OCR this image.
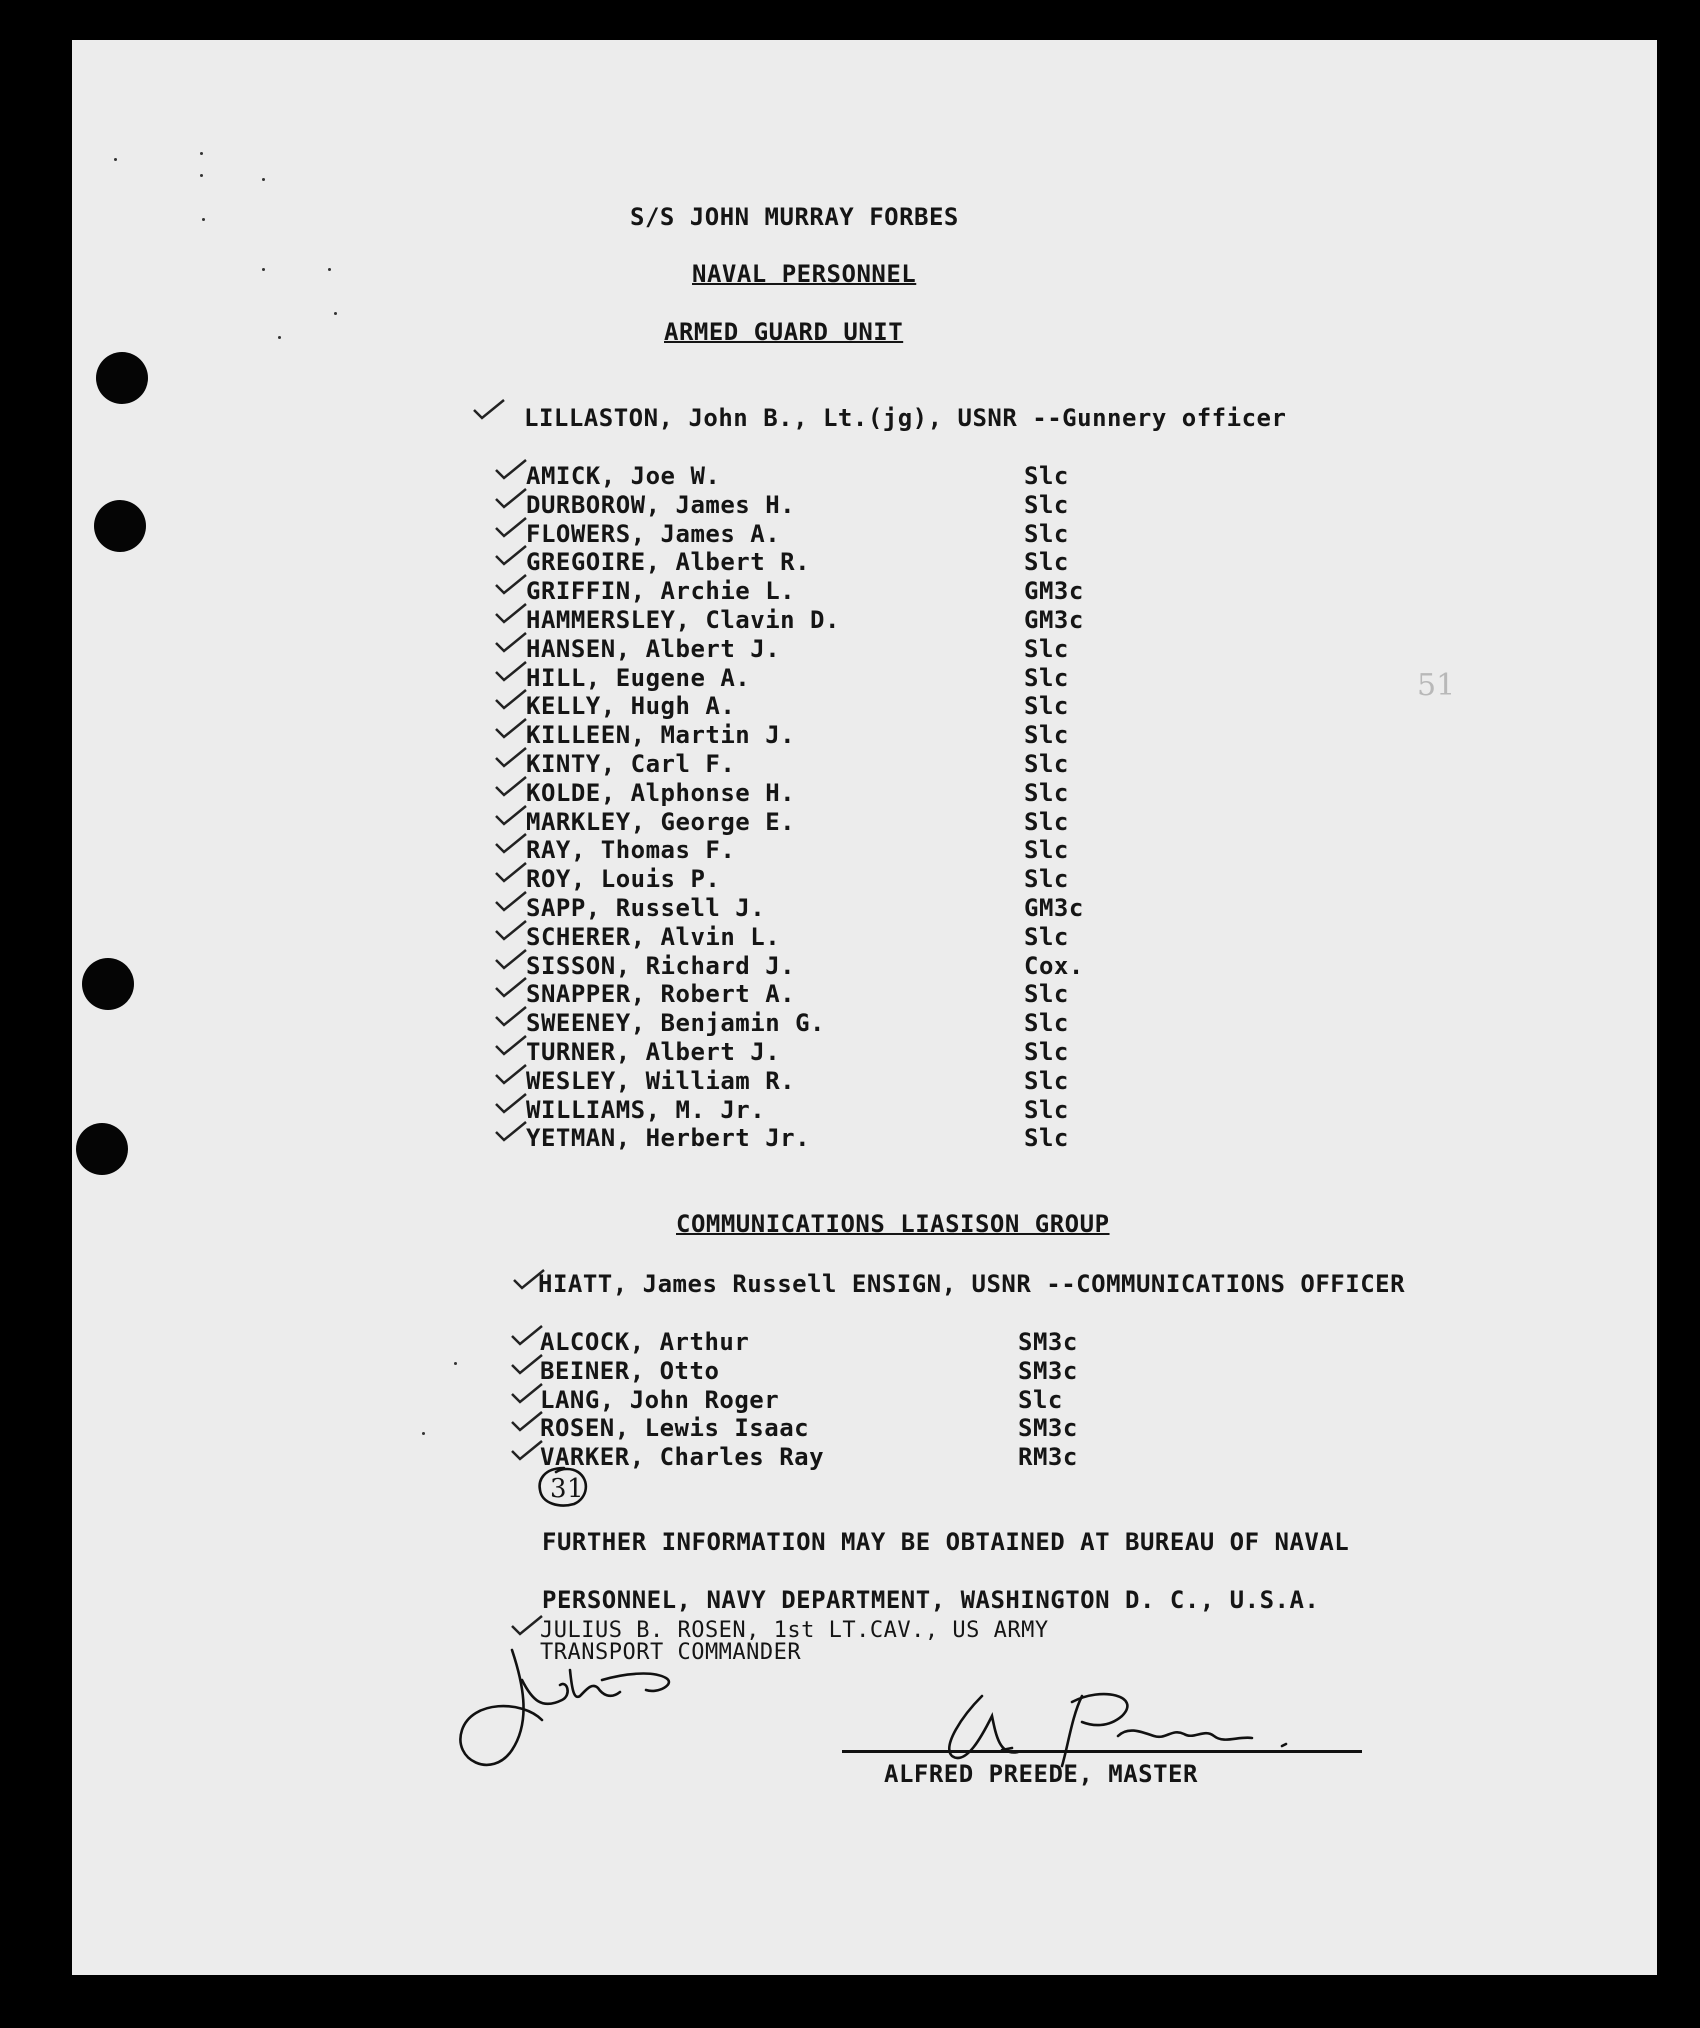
51
S/S JOHN MURRAY FORBES
NAVAL PERSONNEL
ARMED GUARD UNIT
LILLASTON, John B., Lt.(jg), USNR --Gunnery officer
AMICK, Joe W.	Slc
DURBOROW, James H.	Slc
FLOWERS, James A.	Slc
GREGOIRE, Albert R.	Slc
GRIFFIN, Archie L.	GM3c
HAMMERSLEY, Clavin D.	GM3c
HANSEN, Albert J.	Slc
HILL, Eugene A.	Slc
KELLY, Hugh A.	Slc
KILLEEN, Martin J.	Slc
KINTY, Carl F.	Slc
KOLDE, Alphonse H.	Slc
MARKLEY, George E.	Slc
RAY, Thomas F.	Slc
ROY, Louis P.	Slc
SAPP, Russell J.	GM3c
SCHERER, Alvin L.	Slc
SISSON, Richard J.	Cox.
SNAPPER, Robert A.	Slc
SWEENEY, Benjamin G.	Slc
TURNER, Albert J.	Slc
WESLEY, William R.	Slc
WILLIAMS, M. Jr.	Slc
YETMAN, Herbert Jr.	Slc
COMMUNICATIONS LIASISON GROUP
HIATT, James Russell ENSIGN, USNR --COMMUNICATIONS OFFICER
ALCOCK, Arthur	SM3c
BEINER, Otto	SM3c
LANG, John Roger	Slc
ROSEN, Lewis Isaac	SM3c
VARKER, Charles Ray	RM3c
31
FURTHER INFORMATION MAY BE OBTAINED AT BUREAU OF NAVAL
PERSONNEL, NAVY DEPARTMENT, WASHINGTON D. C., U.S.A.
JULIUS B. ROSEN, 1st LT.CAV., US ARMY
TRANSPORT COMMANDER
ALFRED PREEDE, MASTER
